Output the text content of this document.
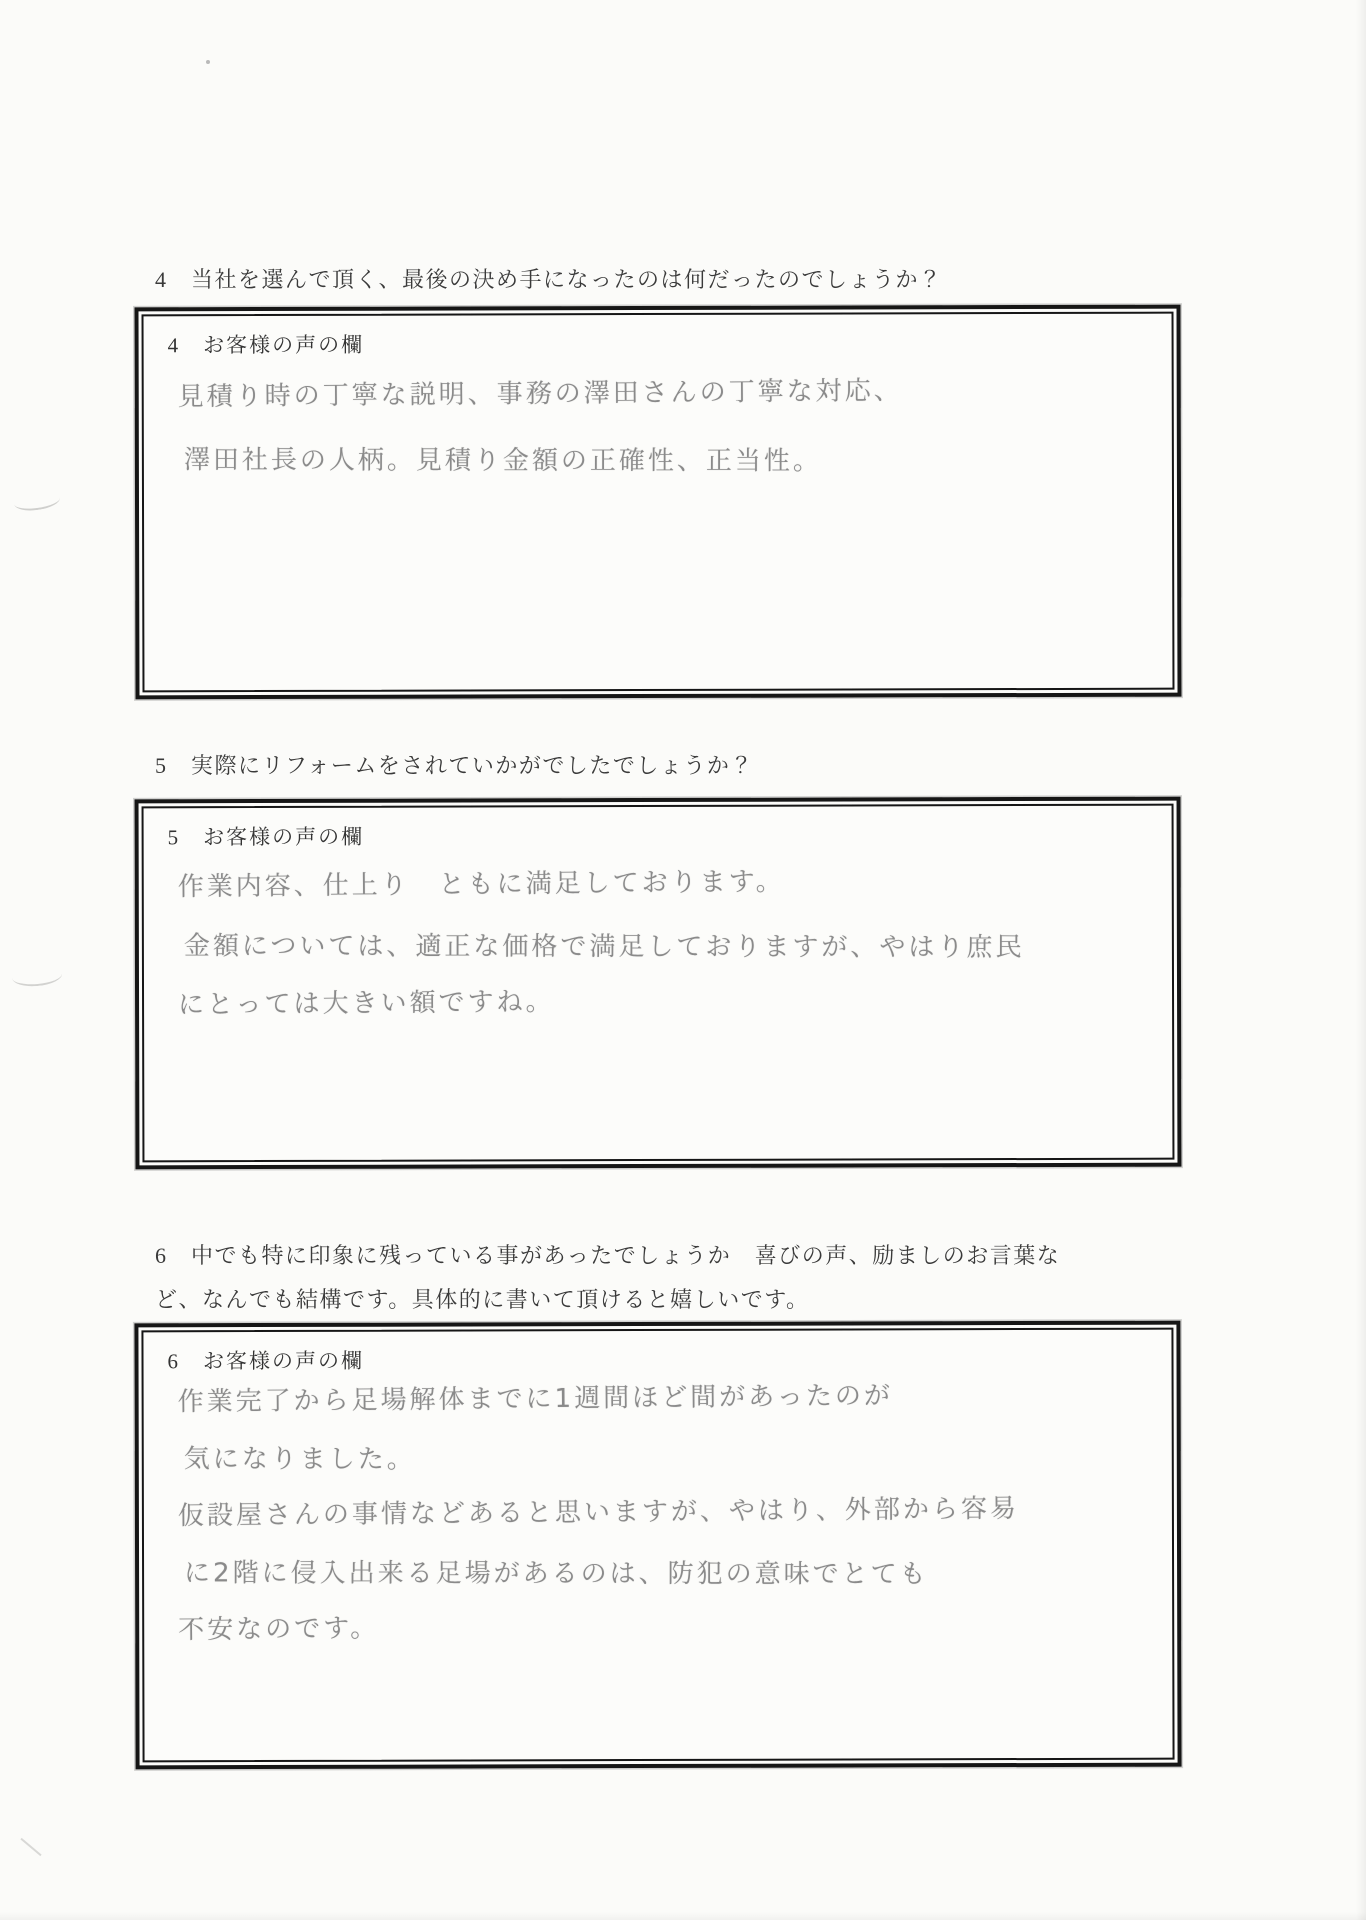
4　当社を選んで頂く、最後の決め手になったのは何だったのでしょうか？
4　お客様の声の欄
見積り時の丁寧な説明、事務の澤田さんの丁寧な対応、
澤田社長の人柄。見積り金額の正確性、正当性。
5　実際にリフォームをされていかがでしたでしょうか？
5　お客様の声の欄
作業内容、仕上り　ともに満足しております。
金額については、適正な価格で満足しておりますが、やはり庶民
にとっては大きい額ですね。
6　中でも特に印象に残っている事があったでしょうか　喜びの声、励ましのお言葉な
ど、なんでも結構です。具体的に書いて頂けると嬉しいです。
6　お客様の声の欄
作業完了から足場解体までに1週間ほど間があったのが
気になりました。
仮設屋さんの事情などあると思いますが、やはり、外部から容易
に2階に侵入出来る足場があるのは、防犯の意味でとても
不安なのです。
